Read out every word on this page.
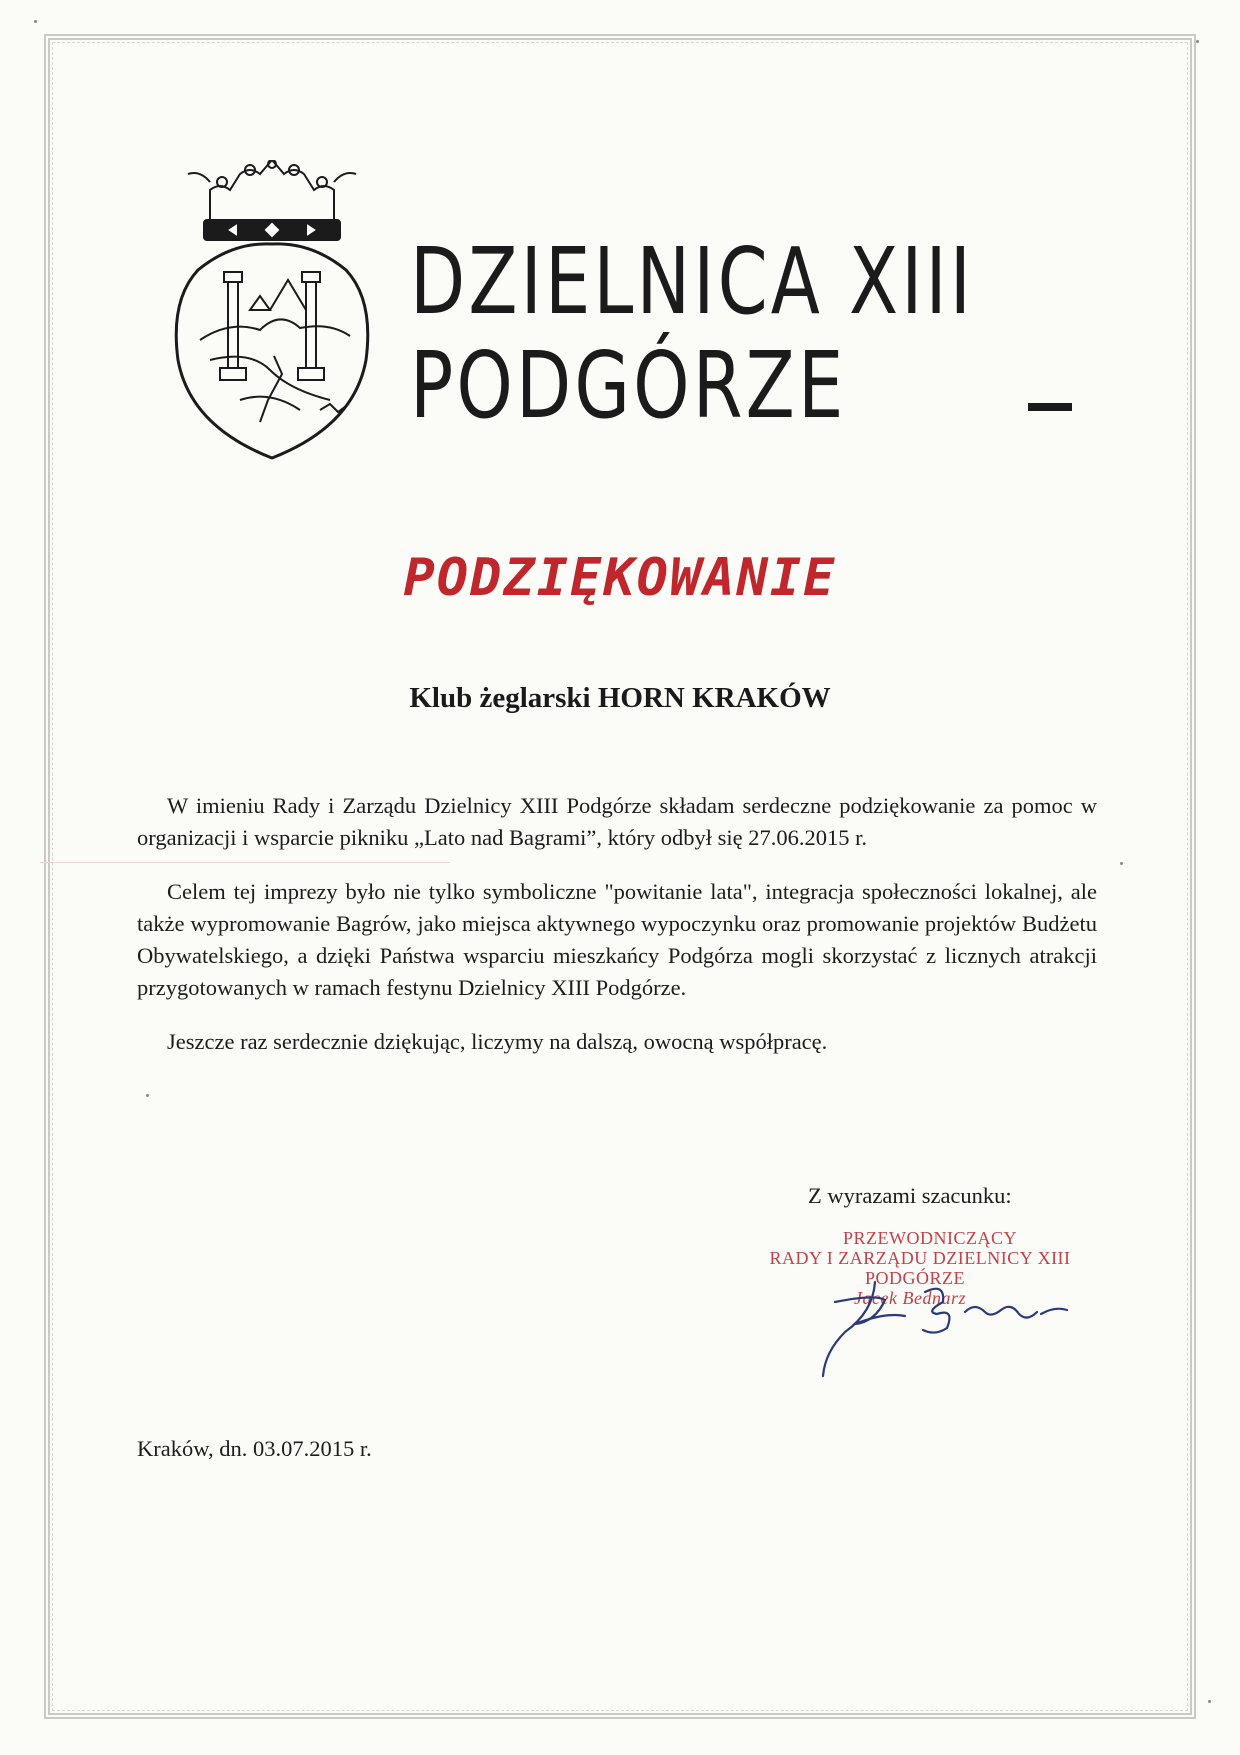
DZIELNICA XIII
PODGÓRZE
PODZIĘKOWANIE
Klub żeglarski HORN KRAKÓW

W imieniu Rady i Zarządu Dzielnicy XIII Podgórze składam serdeczne podziękowanie za pomoc w organizacji i wsparcie pikniku „Lato nad Bagrami”, który odbył się 27.06.2015 r.

Celem tej imprezy było nie tylko symboliczne "powitanie lata", integracja społeczności lokalnej, ale także wypromowanie Bagrów, jako miejsca aktywnego wypoczynku oraz promowanie projektów Budżetu Obywatelskiego, a dzięki Państwa wsparciu mieszkańcy Podgórza mogli skorzystać z licznych atrakcji przygotowanych w ramach festynu Dzielnicy XIII Podgórze.

Jeszcze raz serdecznie dziękując, liczymy na dalszą, owocną współpracę.

Z wyrazami szacunku:
PRZEWODNICZĄCY
RADY I ZARZĄDU DZIELNICY XIII
PODGÓRZE
Jacek Bednarz
Kraków, dn. 03.07.2015 r.
